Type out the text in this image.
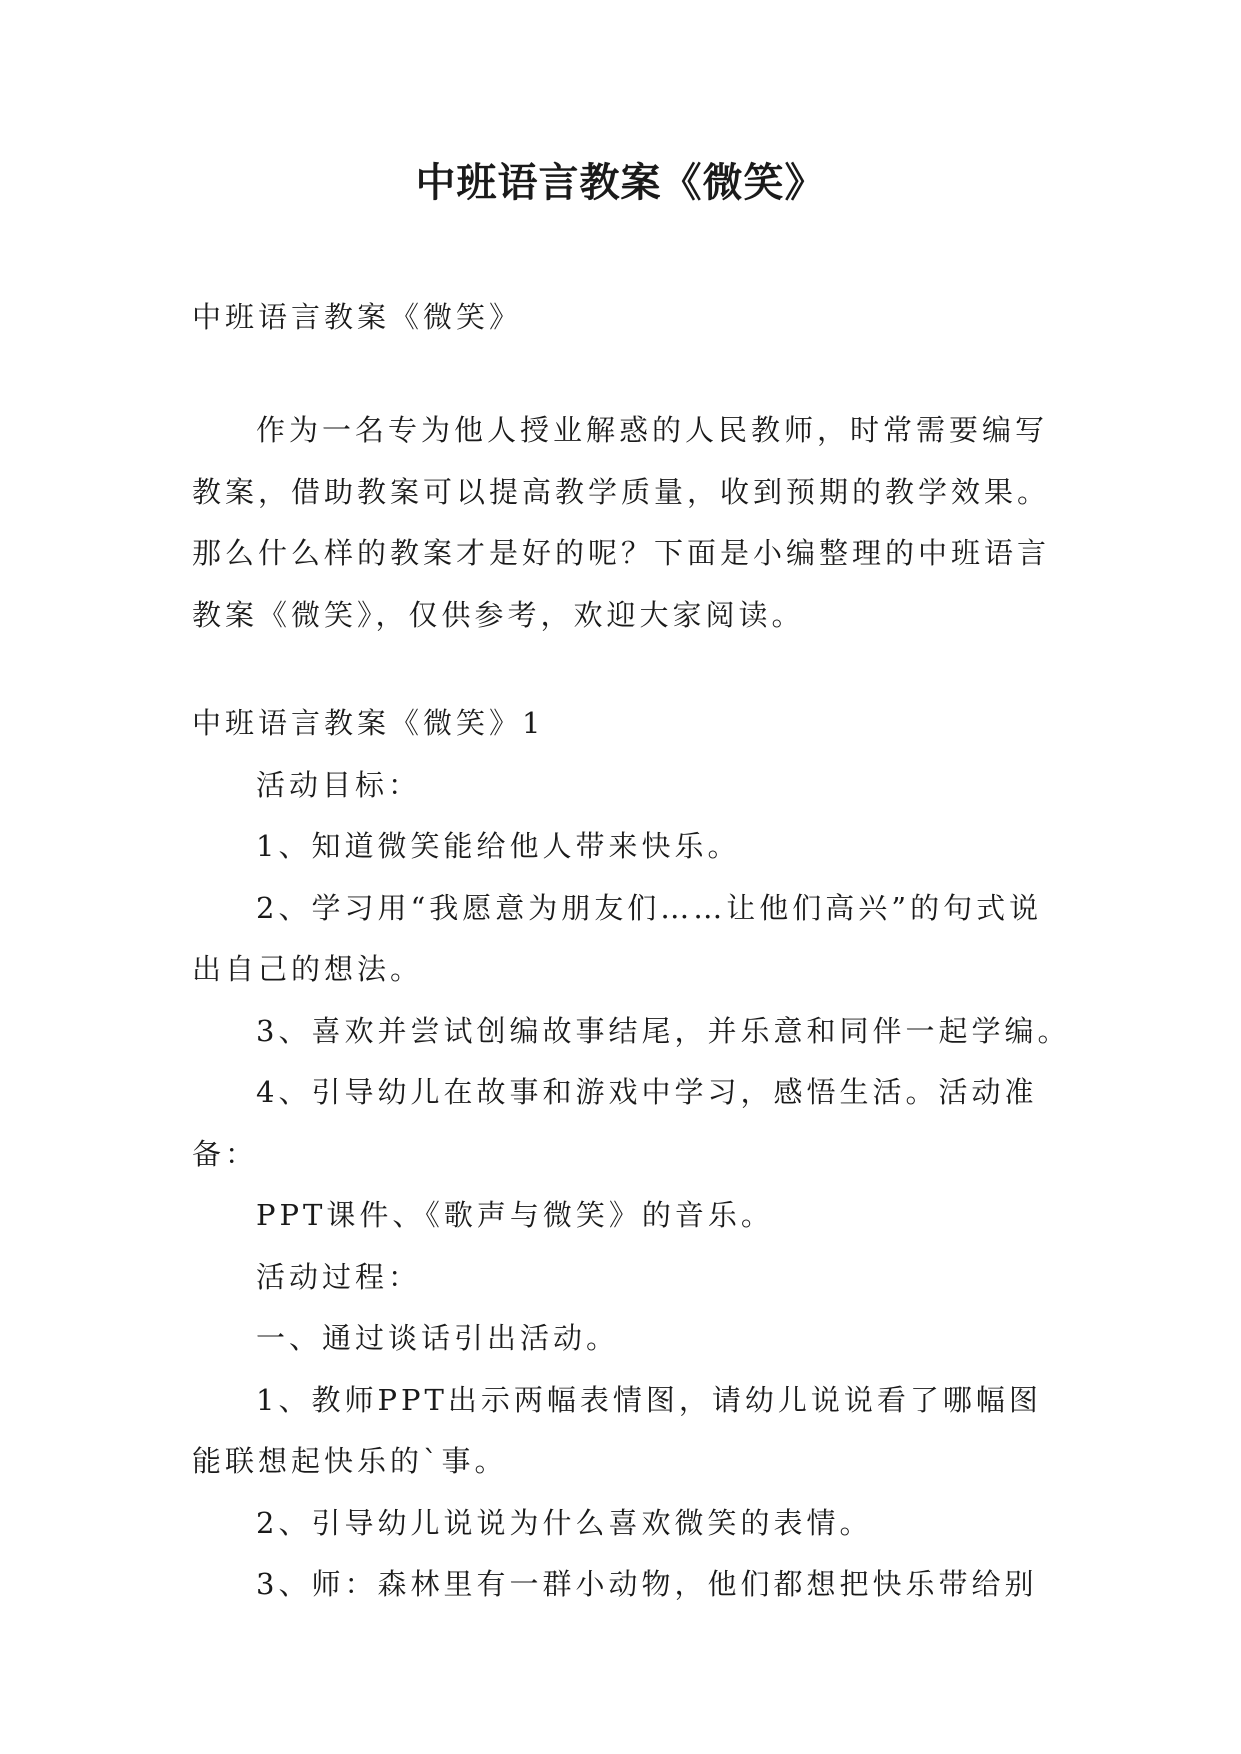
中班语言教案《微笑》

中班语言教案《微笑》

作为一名专为他人授业解惑的人民教师，时常需要编写教案，借助教案可以提高教学质量，收到预期的教学效果。那么什么样的教案才是好的呢？下面是小编整理的中班语言教案《微笑》，仅供参考，欢迎大家阅读。

中班语言教案《微笑》1

活动目标：

1、知道微笑能给他人带来快乐。

2、学习用“我愿意为朋友们……让他们高兴”的句式说出自己的想法。

3、喜欢并尝试创编故事结尾，并乐意和同伴一起学编。

4、引导幼儿在故事和游戏中学习，感悟生活。活动准备：

PPT课件、《歌声与微笑》的音乐。

活动过程：

一、通过谈话引出活动。

1、教师PPT出示两幅表情图，请幼儿说说看了哪幅图能联想起快乐的`事。

2、引导幼儿说说为什么喜欢微笑的表情。

3、师：森林里有一群小动物，他们都想把快乐带给别
